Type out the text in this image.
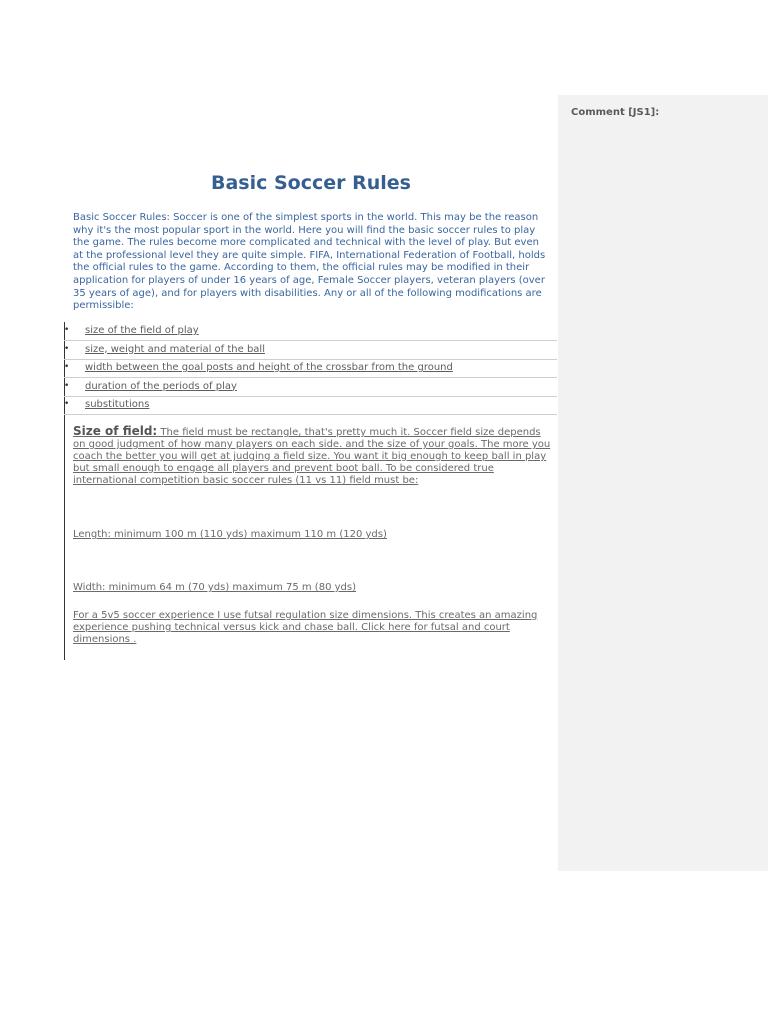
Comment [JS1]:
Basic Soccer Rules

Basic Soccer Rules: Soccer is one of the simplest sports in the world. This may be the reason why it's the most popular sport in the world. Here you will find the basic soccer rules to play the game. The rules become more complicated and technical with the level of play. But even at the professional level they are quite simple. FIFA, International Federation of Football, holds the official rules to the game. According to them, the official rules may be modified in their application for players of under 16 years of age, Female Soccer players, veteran players (over 35 years of age), and for players with disabilities. Any or all of the following modifications are permissible:

• size of the field of play
• size, weight and material of the ball
• width between the goal posts and height of the crossbar from the ground
• duration of the periods of play
• substitutions

Size of field: The field must be rectangle, that's pretty much it. Soccer field size depends on good judgment of how many players on each side. and the size of your goals. The more you coach the better you will get at judging a field size. You want it big enough to keep ball in play but small enough to engage all players and prevent boot ball. To be considered true international competition basic soccer rules (11 vs 11) field must be:

Length: minimum 100 m (110 yds) maximum 110 m (120 yds)

Width: minimum 64 m (70 yds) maximum 75 m (80 yds)

For a 5v5 soccer experience I use futsal regulation size dimensions. This creates an amazing experience pushing technical versus kick and chase ball. Click here for futsal and court dimensions .
